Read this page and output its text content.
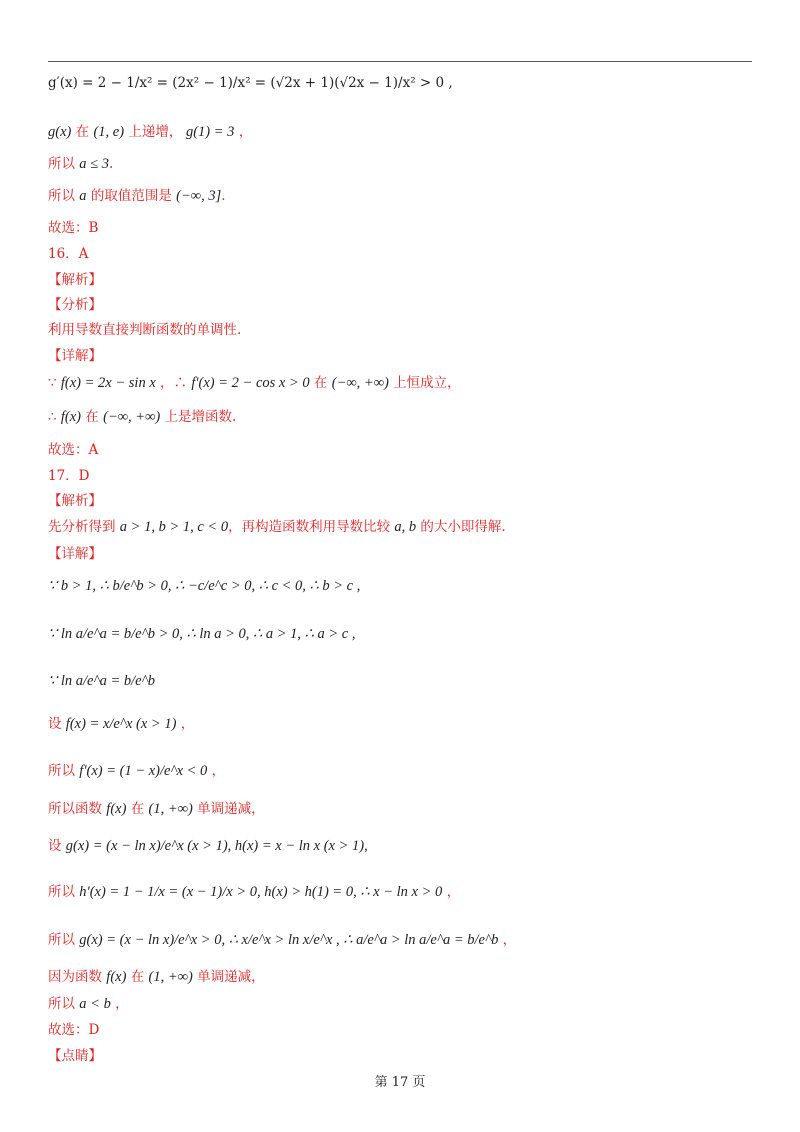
g′(x) = 2 − 1/x² = (2x² − 1)/x² = (√2x + 1)(√2x − 1)/x² > 0 ,
g(x) 在 (1, e) 上递增， g(1) = 3 ，
所以 a ≤ 3.
所以 a 的取值范围是 (−∞, 3].
故选：B
16．A
【解析】
【分析】
利用导数直接判断函数的单调性.
【详解】
∵ f(x) = 2x − sin x ，∴ f′(x) = 2 − cos x > 0 在 (−∞, +∞) 上恒成立，
∴ f(x) 在 (−∞, +∞) 上是增函数.
故选：A
17．D
【解析】
先分析得到 a > 1, b > 1, c < 0，再构造函数利用导数比较 a, b 的大小即得解.
【详解】
∵ b > 1, ∴ b/e^b > 0, ∴ −c/e^c > 0, ∴ c < 0, ∴ b > c ,
∵ ln a/e^a = b/e^b > 0, ∴ ln a > 0, ∴ a > 1, ∴ a > c ,
∵ ln a/e^a = b/e^b
设 f(x) = x/e^x (x > 1) ，
所以 f′(x) = (1 − x)/e^x < 0 ，
所以函数 f(x) 在 (1, +∞) 单调递减，
设 g(x) = (x − ln x)/e^x (x > 1), h(x) = x − ln x (x > 1),
所以 h′(x) = 1 − 1/x = (x − 1)/x > 0, h(x) > h(1) = 0, ∴ x − ln x > 0 ，
所以 g(x) = (x − ln x)/e^x > 0, ∴ x/e^x > ln x/e^x , ∴ a/e^a > ln a/e^a = b/e^b ，
因为函数 f(x) 在 (1, +∞) 单调递减，
所以 a < b ，
故选：D
【点睛】
第 17 页
